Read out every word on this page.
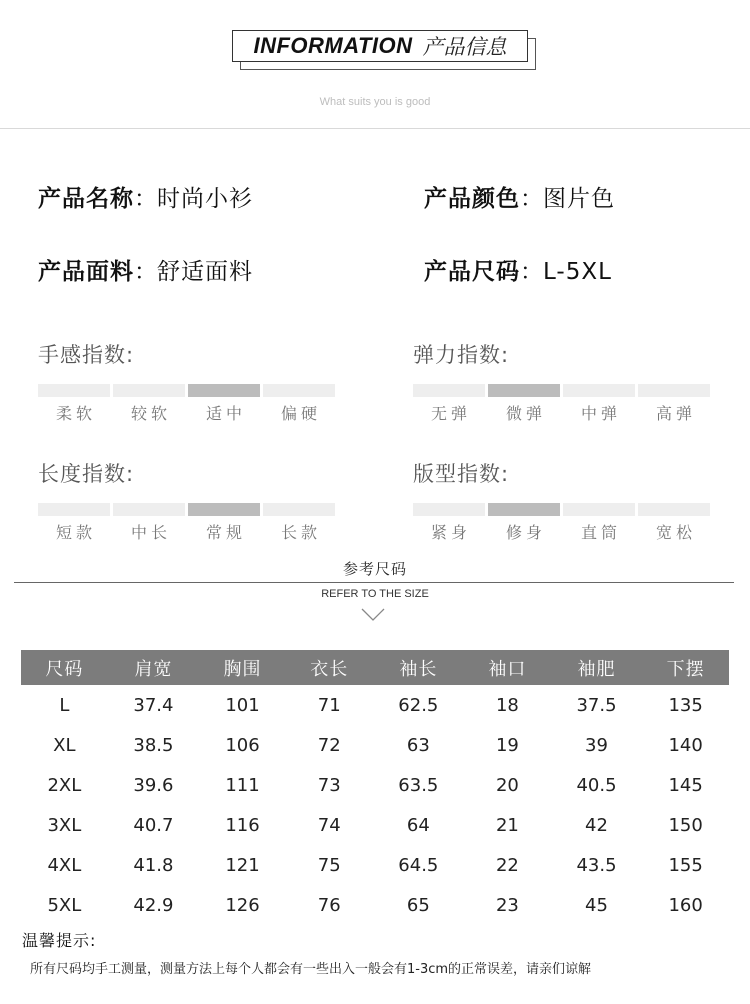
INFORMATION 产品信息
What suits you is good
产品名称：时尚小衫	产品颜色：图片色
产品面料：舒适面料	产品尺码：L-5XL
手感指数:
柔软	较软	适中	偏硬
弹力指数:
无弹	微弹	中弹	高弹
长度指数:
短款	中长	常规	长款
版型指数:
紧身	修身	直筒	宽松
参考尺码
REFER TO THE SIZE
尺码	肩宽	胸围	衣长	袖长	袖口	袖肥	下摆
L	37.4	101	71	62.5	18	37.5	135
XL	38.5	106	72	63	19	39	140
2XL	39.6	111	73	63.5	20	40.5	145
3XL	40.7	116	74	64	21	42	150
4XL	41.8	121	75	64.5	22	43.5	155
5XL	42.9	126	76	65	23	45	160
温馨提示:
所有尺码均手工测量，测量方法上每个人都会有一些出入一般会有1-3cm的正常误差，请亲们谅解
